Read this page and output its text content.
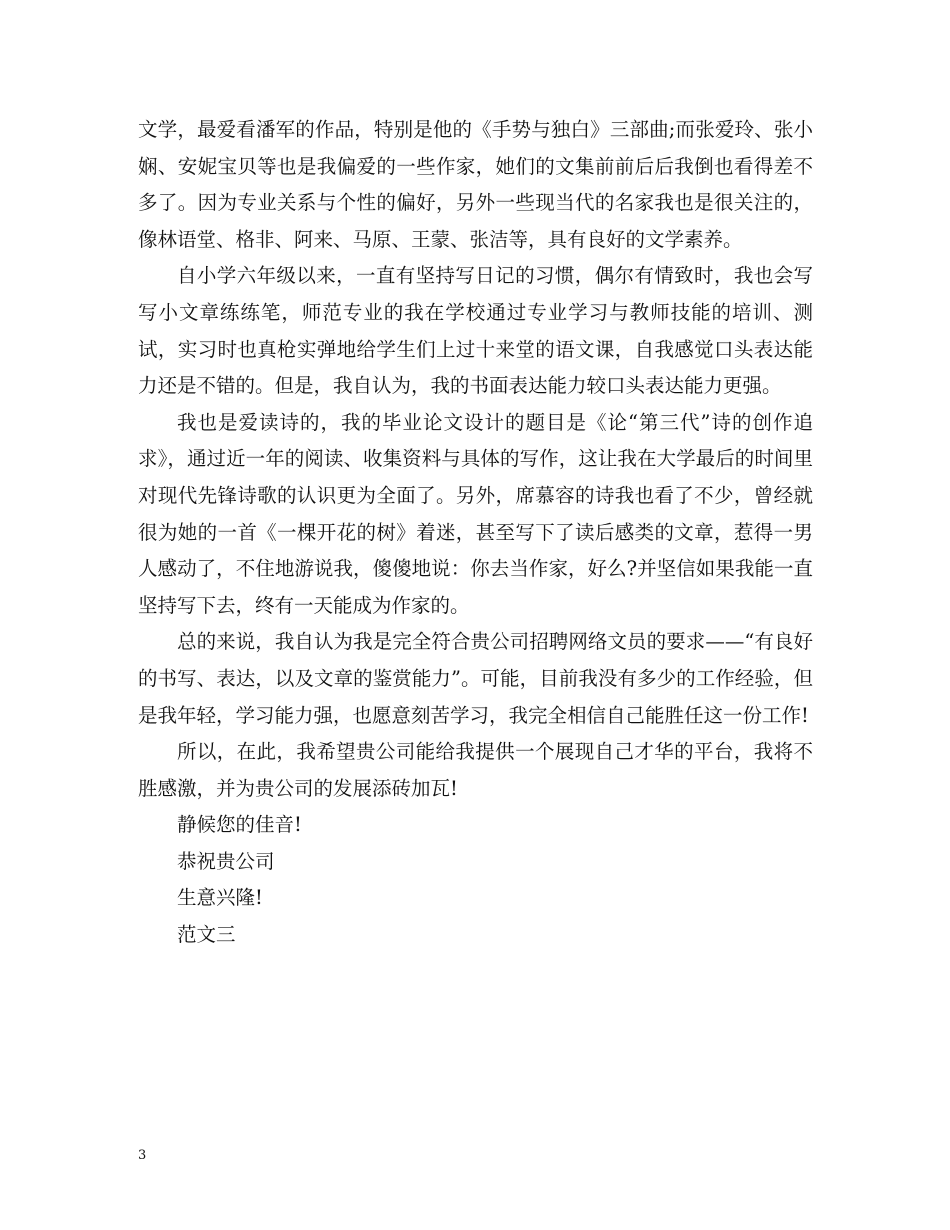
文学，最爱看潘军的作品，特别是他的《手势与独白》三部曲;而张爱玲、张小娴、安妮宝贝等也是我偏爱的一些作家，她们的文集前前后后我倒也看得差不多了。因为专业关系与个性的偏好，另外一些现当代的名家我也是很关注的，像林语堂、格非、阿来、马原、王蒙、张洁等，具有良好的文学素养。

自小学六年级以来，一直有坚持写日记的习惯，偶尔有情致时，我也会写写小文章练练笔，师范专业的我在学校通过专业学习与教师技能的培训、测试，实习时也真枪实弹地给学生们上过十来堂的语文课，自我感觉口头表达能力还是不错的。但是，我自认为，我的书面表达能力较口头表达能力更强。

我也是爱读诗的，我的毕业论文设计的题目是《论“第三代”诗的创作追求》，通过近一年的阅读、收集资料与具体的写作，这让我在大学最后的时间里对现代先锋诗歌的认识更为全面了。另外，席慕容的诗我也看了不少，曾经就很为她的一首《一棵开花的树》着迷，甚至写下了读后感类的文章，惹得一男人感动了，不住地游说我，傻傻地说：你去当作家，好么?并坚信如果我能一直坚持写下去，终有一天能成为作家的。

总的来说，我自认为我是完全符合贵公司招聘网络文员的要求——“有良好的书写、表达，以及文章的鉴赏能力”。可能，目前我没有多少的工作经验，但是我年轻，学习能力强，也愿意刻苦学习，我完全相信自己能胜任这一份工作!

所以，在此，我希望贵公司能给我提供一个展现自己才华的平台，我将不胜感激，并为贵公司的发展添砖加瓦!

静候您的佳音!

恭祝贵公司

生意兴隆!

范文三

3
